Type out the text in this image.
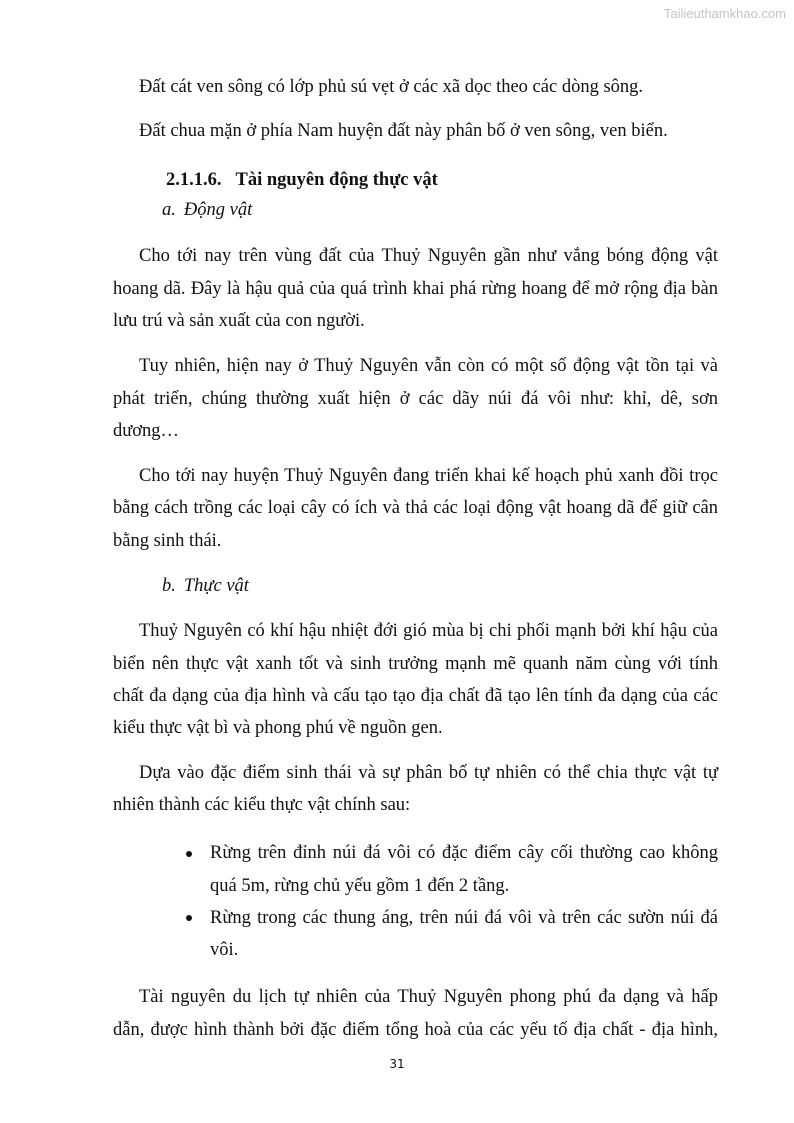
Tailieuthamkhao.com
Đất cát ven sông có lớp phủ sú vẹt ở các xã dọc theo các dòng sông.
Đất chua mặn ở phía Nam huyện đất này phân bố ở ven sông, ven biển.
2.1.1.6. Tài nguyên động thực vật
a. Động vật
Cho tới nay trên vùng đất của Thuỷ Nguyên gần như vắng bóng động vật
hoang dã. Đây là hậu quả của quá trình khai phá rừng hoang để mở rộng địa bàn
lưu trú và sản xuất của con người.
Tuy nhiên, hiện nay ở Thuỷ Nguyên vẫn còn có một số động vật tồn tại và
phát triển, chúng thường xuất hiện ở các dãy núi đá vôi như: khỉ, dê, sơn
dương…
Cho tới nay huyện Thuỷ Nguyên đang triển khai kế hoạch phủ xanh đồi trọc
bằng cách trồng các loại cây có ích và thả các loại động vật hoang dã để giữ cân
bằng sinh thái.
b. Thực vật
Thuỷ Nguyên có khí hậu nhiệt đới gió mùa bị chi phối mạnh bởi khí hậu của
biển nên thực vật xanh tốt và sinh trưởng mạnh mẽ quanh năm cùng với tính
chất đa dạng của địa hình và cấu tạo tạo địa chất đã tạo lên tính đa dạng của các
kiểu thực vật bì và phong phú về nguồn gen.
Dựa vào đặc điểm sinh thái và sự phân bố tự nhiên có thể chia thực vật tự
nhiên thành các kiểu thực vật chính sau:
Rừng trên đỉnh núi đá vôi có đặc điểm cây cối thường cao không
quá 5m, rừng chủ yếu gồm 1 đến 2 tầng.
Rừng trong các thung áng, trên núi đá vôi và trên các sườn núi đá
vôi.
Tài nguyên du lịch tự nhiên của Thuỷ Nguyên phong phú đa dạng và hấp
dẫn, được hình thành bởi đặc điểm tổng hoà của các yếu tố địa chất - địa hình,
31
